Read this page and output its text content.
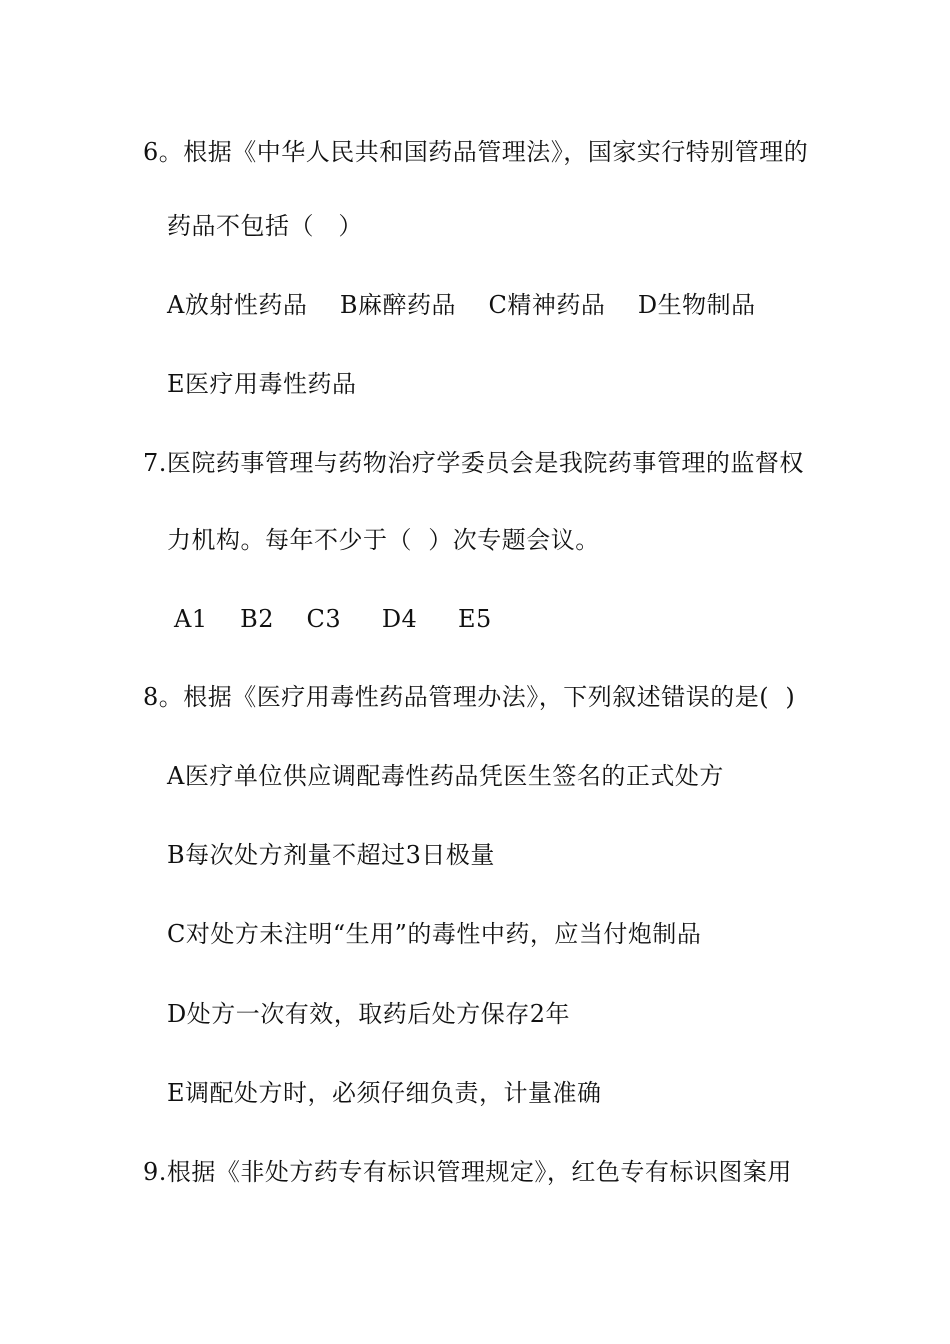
6。根据《中华人民共和国药品管理法》，国家实行特别管理的
药品不包括（   ）
A放射性药品    B麻醉药品    C精神药品    D生物制品
E医疗用毒性药品
7.医院药事管理与药物治疗学委员会是我院药事管理的监督权
力机构。每年不少于（  ）次专题会议。
A1    B2    C3     D4     E5
8。根据《医疗用毒性药品管理办法》，下列叙述错误的是(  )
A医疗单位供应调配毒性药品凭医生签名的正式处方
B每次处方剂量不超过3日极量
C对处方未注明“生用”的毒性中药，应当付炮制品
D处方一次有效，取药后处方保存2年
E调配处方时，必须仔细负责，计量准确
9.根据《非处方药专有标识管理规定》，红色专有标识图案用
